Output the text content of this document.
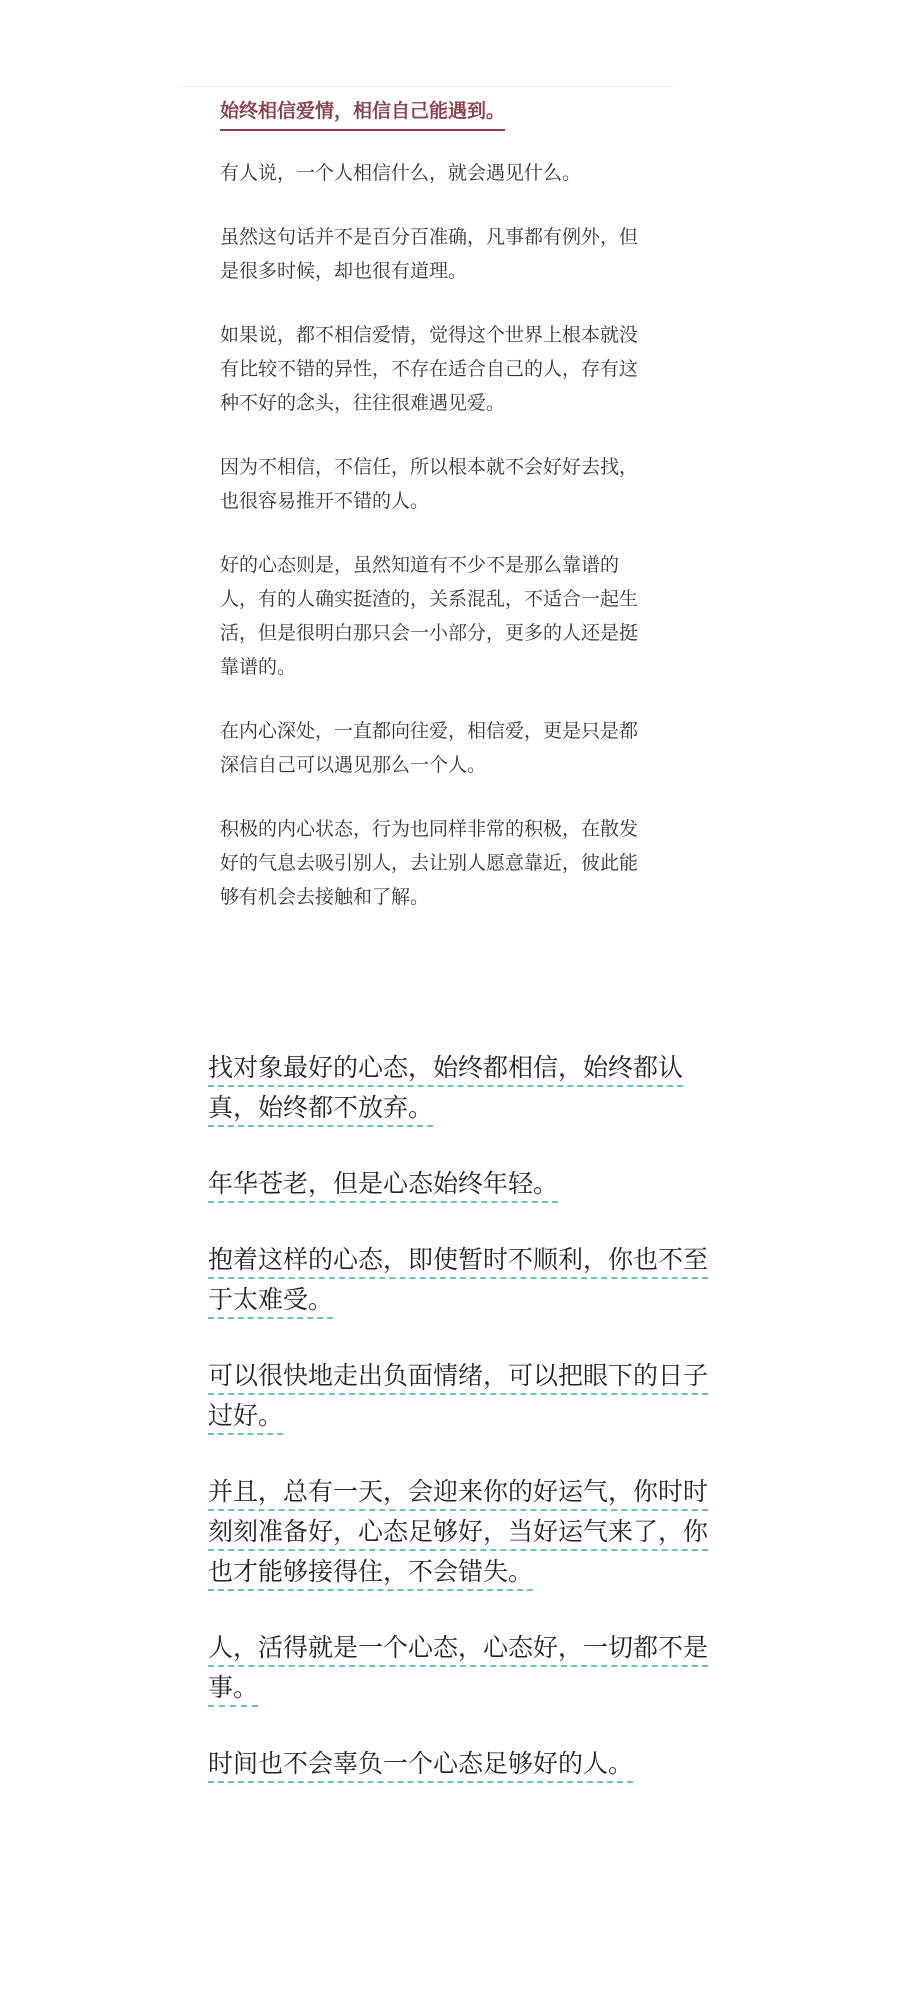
始终相信爱情，相信自己能遇到。

有人说，一个人相信什么，就会遇见什么。

虽然这句话并不是百分百准确，凡事都有例外，但是很多时候，却也很有道理。

如果说，都不相信爱情，觉得这个世界上根本就没有比较不错的异性，不存在适合自己的人，存有这种不好的念头，往往很难遇见爱。

因为不相信，不信任，所以根本就不会好好去找，也很容易推开不错的人。

好的心态则是，虽然知道有不少不是那么靠谱的人，有的人确实挺渣的，关系混乱，不适合一起生活，但是很明白那只会一小部分，更多的人还是挺靠谱的。

在内心深处，一直都向往爱，相信爱，更是只是都深信自己可以遇见那么一个人。

积极的内心状态，行为也同样非常的积极，在散发好的气息去吸引别人，去让别人愿意靠近，彼此能够有机会去接触和了解。

找对象最好的心态，始终都相信，始终都认真，始终都不放弃。

年华苍老，但是心态始终年轻。

抱着这样的心态，即使暂时不顺利，你也不至于太难受。

可以很快地走出负面情绪，可以把眼下的日子过好。

并且，总有一天，会迎来你的好运气，你时时刻刻准备好，心态足够好，当好运气来了，你也才能够接得住，不会错失。

人，活得就是一个心态，心态好，一切都不是事。

时间也不会辜负一个心态足够好的人。
